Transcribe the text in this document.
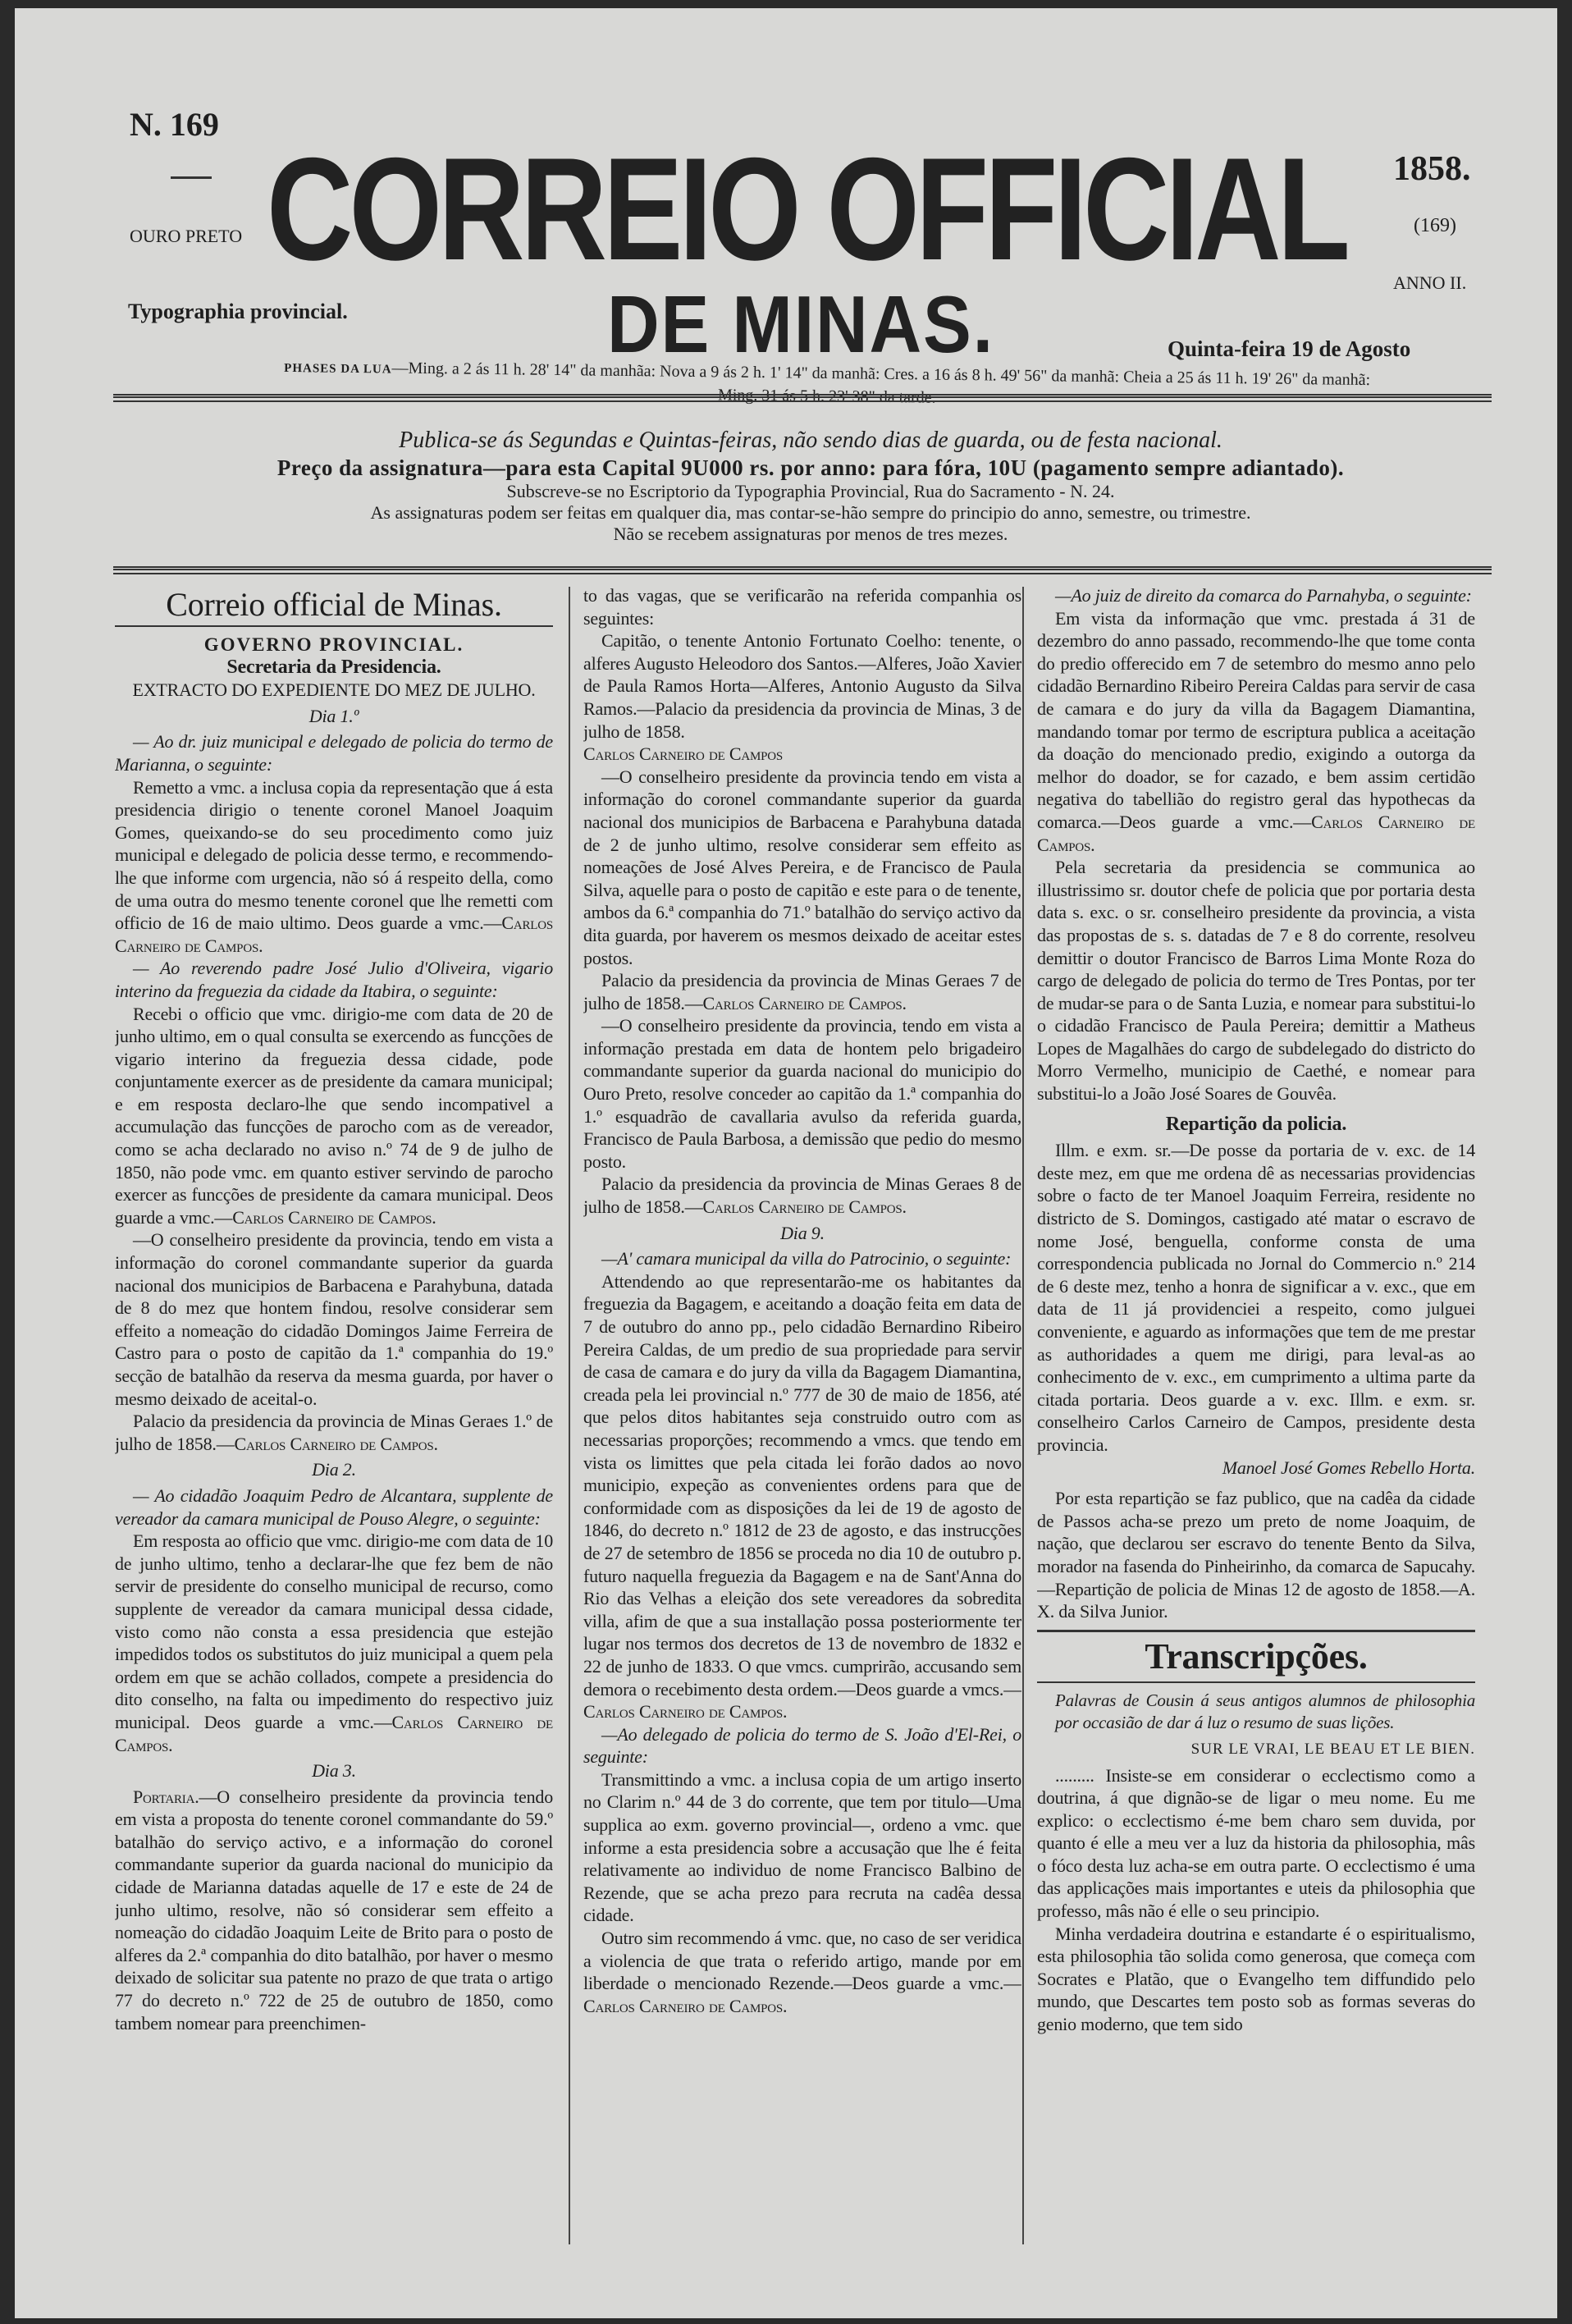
N. 169
OURO PRETO
Typographia provincial.
CORREIO OFFICIAL
DE MINAS.
1858.
(169)
ANNO II.
Quinta-feira 19 de Agosto
PHASES DA LUA—Ming. a 2 ás 11 h. 28' 14" da manhãa: Nova a 9 ás 2 h. 1' 14" da manhã: Cres. a 16 ás 8 h. 49' 56" da manhã: Cheia a 25 ás 11 h. 19' 26" da manhã:
Ming. 31 ás 5 h. 23' 38" da tarde.
Publica-se ás Segundas e Quintas-feiras, não sendo dias de guarda, ou de festa nacional.
Preço da assignatura—para esta Capital 9U000 rs. por anno: para fóra, 10U (pagamento sempre adiantado).
Subscreve-se no Escriptorio da Typographia Provincial, Rua do Sacramento - N. 24.
As assignaturas podem ser feitas em qualquer dia, mas contar-se-hão sempre do principio do anno, semestre, ou trimestre.
Não se recebem assignaturas por menos de tres mezes.
Correio official de Minas.
GOVERNO PROVINCIAL.
Secretaria da Presidencia.
EXTRACTO DO EXPEDIENTE DO MEZ DE JULHO.

Dia 1.º

— Ao dr. juiz municipal e delegado de policia do termo de Marianna, o seguinte:

Remetto a vmc. a inclusa copia da representação que á esta presidencia dirigio o tenente coronel Manoel Joaquim Gomes, queixando-se do seu procedimento como juiz municipal e delegado de policia desse termo, e recommendo-lhe que informe com urgencia, não só á respeito della, como de uma outra do mesmo tenente coronel que lhe remetti com officio de 16 de maio ultimo. Deos guarde a vmc.—Carlos Carneiro de Campos.

— Ao reverendo padre José Julio d'Oliveira, vigario interino da freguezia da cidade da Itabira, o seguinte:

Recebi o officio que vmc. dirigio-me com data de 20 de junho ultimo, em o qual consulta se exercendo as funcções de vigario interino da freguezia dessa cidade, pode conjuntamente exercer as de presidente da camara municipal; e em resposta declaro-lhe que sendo incompativel a accumulação das funcções de parocho com as de vereador, como se acha declarado no aviso n.º 74 de 9 de julho de 1850, não pode vmc. em quanto estiver servindo de parocho exercer as funcções de presidente da camara municipal. Deos guarde a vmc.—Carlos Carneiro de Campos.

—O conselheiro presidente da provincia, tendo em vista a informação do coronel commandante superior da guarda nacional dos municipios de Barbacena e Parahybuna, datada de 8 do mez que hontem findou, resolve considerar sem effeito a nomeação do cidadão Domingos Jaime Ferreira de Castro para o posto de capitão da 1.ª companhia do 19.º secção de batalhão da reserva da mesma guarda, por haver o mesmo deixado de aceital-o.

Palacio da presidencia da provincia de Minas Geraes 1.º de julho de 1858.—Carlos Carneiro de Campos.

Dia 2.

— Ao cidadão Joaquim Pedro de Alcantara, supplente de vereador da camara municipal de Pouso Alegre, o seguinte:

Em resposta ao officio que vmc. dirigio-me com data de 10 de junho ultimo, tenho a declarar-lhe que fez bem de não servir de presidente do conselho municipal de recurso, como supplente de vereador da camara municipal dessa cidade, visto como não consta a essa presidencia que estejão impedidos todos os substitutos do juiz municipal a quem pela ordem em que se achão collados, compete a presidencia do dito conselho, na falta ou impedimento do respectivo juiz municipal. Deos guarde a vmc.—Carlos Carneiro de Campos.

Dia 3.

Portaria.—O conselheiro presidente da provincia tendo em vista a proposta do tenente coronel commandante do 59.º batalhão do serviço activo, e a informação do coronel commandante superior da guarda nacional do municipio da cidade de Marianna datadas aquelle de 17 e este de 24 de junho ultimo, resolve, não só considerar sem effeito a nomeação do cidadão Joaquim Leite de Brito para o posto de alferes da 2.ª companhia do dito batalhão, por haver o mesmo deixado de solicitar sua patente no prazo de que trata o artigo 77 do decreto n.º 722 de 25 de outubro de 1850, como tambem nomear para preenchimen-

to das vagas, que se verificarão na referida companhia os seguintes:

Capitão, o tenente Antonio Fortunato Coelho: tenente, o alferes Augusto Heleodoro dos Santos.—Alferes, João Xavier de Paula Ramos Horta—Alferes, Antonio Augusto da Silva Ramos.—Palacio da presidencia da provincia de Minas, 3 de julho de 1858.

Carlos Carneiro de Campos

—O conselheiro presidente da provincia tendo em vista a informação do coronel commandante superior da guarda nacional dos municipios de Barbacena e Parahybuna datada de 2 de junho ultimo, resolve considerar sem effeito as nomeações de José Alves Pereira, e de Francisco de Paula Silva, aquelle para o posto de capitão e este para o de tenente, ambos da 6.ª companhia do 71.º batalhão do serviço activo da dita guarda, por haverem os mesmos deixado de aceitar estes postos.

Palacio da presidencia da provincia de Minas Geraes 7 de julho de 1858.—Carlos Carneiro de Campos.

—O conselheiro presidente da provincia, tendo em vista a informação prestada em data de hontem pelo brigadeiro commandante superior da guarda nacional do municipio do Ouro Preto, resolve conceder ao capitão da 1.ª companhia do 1.º esquadrão de cavallaria avulso da referida guarda, Francisco de Paula Barbosa, a demissão que pedio do mesmo posto.

Palacio da presidencia da provincia de Minas Geraes 8 de julho de 1858.—Carlos Carneiro de Campos.

Dia 9.

—A' camara municipal da villa do Patrocinio, o seguinte:

Attendendo ao que representarão-me os habitantes da freguezia da Bagagem, e aceitando a doação feita em data de 7 de outubro do anno pp., pelo cidadão Bernardino Ribeiro Pereira Caldas, de um predio de sua propriedade para servir de casa de camara e do jury da villa da Bagagem Diamantina, creada pela lei provincial n.º 777 de 30 de maio de 1856, até que pelos ditos habitantes seja construido outro com as necessarias proporções; recommendo a vmcs. que tendo em vista os limittes que pela citada lei forão dados ao novo municipio, expeção as convenientes ordens para que de conformidade com as disposições da lei de 19 de agosto de 1846, do decreto n.º 1812 de 23 de agosto, e das instrucções de 27 de setembro de 1856 se proceda no dia 10 de outubro p. futuro naquella freguezia da Bagagem e na de Sant'Anna do Rio das Velhas a eleição dos sete vereadores da sobredita villa, afim de que a sua installação possa posteriormente ter lugar nos termos dos decretos de 13 de novembro de 1832 e 22 de junho de 1833. O que vmcs. cumprirão, accusando sem demora o recebimento desta ordem.—Deos guarde a vmcs.—Carlos Carneiro de Campos.

—Ao delegado de policia do termo de S. João d'El-Rei, o seguinte:

Transmittindo a vmc. a inclusa copia de um artigo inserto no Clarim n.º 44 de 3 do corrente, que tem por titulo—Uma supplica ao exm. governo provincial—, ordeno a vmc. que informe a esta presidencia sobre a accusação que lhe é feita relativamente ao individuo de nome Francisco Balbino de Rezende, que se acha prezo para recruta na cadêa dessa cidade.

Outro sim recommendo á vmc. que, no caso de ser veridica a violencia de que trata o referido artigo, mande por em liberdade o mencionado Rezende.—Deos guarde a vmc.—Carlos Carneiro de Campos.

—Ao juiz de direito da comarca do Parnahyba, o seguinte:

Em vista da informação que vmc. prestada á 31 de dezembro do anno passado, recommendo-lhe que tome conta do predio offerecido em 7 de setembro do mesmo anno pelo cidadão Bernardino Ribeiro Pereira Caldas para servir de casa de camara e do jury da villa da Bagagem Diamantina, mandando tomar por termo de escriptura publica a aceitação da doação do mencionado predio, exigindo a outorga da melhor do doador, se for cazado, e bem assim certidão negativa do tabellião do registro geral das hypothecas da comarca.—Deos guarde a vmc.—Carlos Carneiro de Campos.

Pela secretaria da presidencia se communica ao illustrissimo sr. doutor chefe de policia que por portaria desta data s. exc. o sr. conselheiro presidente da provincia, a vista das propostas de s. s. datadas de 7 e 8 do corrente, resolveu demittir o doutor Francisco de Barros Lima Monte Roza do cargo de delegado de policia do termo de Tres Pontas, por ter de mudar-se para o de Santa Luzia, e nomear para substitui-lo o cidadão Francisco de Paula Pereira; demittir a Matheus Lopes de Magalhães do cargo de subdelegado do districto do Morro Vermelho, municipio de Caethé, e nomear para substitui-lo a João José Soares de Gouvêa.

Repartição da policia.

Illm. e exm. sr.—De posse da portaria de v. exc. de 14 deste mez, em que me ordena dê as necessarias providencias sobre o facto de ter Manoel Joaquim Ferreira, residente no districto de S. Domingos, castigado até matar o escravo de nome José, benguella, conforme consta de uma correspondencia publicada no Jornal do Commercio n.º 214 de 6 deste mez, tenho a honra de significar a v. exc., que em data de 11 já providenciei a respeito, como julguei conveniente, e aguardo as informações que tem de me prestar as authoridades a quem me dirigi, para leval-as ao conhecimento de v. exc., em cumprimento a ultima parte da citada portaria. Deos guarde a v. exc. Illm. e exm. sr. conselheiro Carlos Carneiro de Campos, presidente desta provincia.

Manoel José Gomes Rebello Horta.

Por esta repartição se faz publico, que na cadêa da cidade de Passos acha-se prezo um preto de nome Joaquim, de nação, que declarou ser escravo do tenente Bento da Silva, morador na fasenda do Pinheirinho, da comarca de Sapucahy.—Repartição de policia de Minas 12 de agosto de 1858.—A. X. da Silva Junior.

Transcripções.

Palavras de Cousin á seus antigos alumnos de philosophia por occasião de dar á luz o resumo de suas lições.

SUR LE VRAI, LE BEAU ET LE BIEN.

......... Insiste-se em considerar o ecclectismo como a doutrina, á que dignão-se de ligar o meu nome. Eu me explico: o ecclectismo é-me bem charo sem duvida, por quanto é elle a meu ver a luz da historia da philosophia, mâs o fóco desta luz acha-se em outra parte. O ecclectismo é uma das applicações mais importantes e uteis da philosophia que professo, mâs não é elle o seu principio.

Minha verdadeira doutrina e estandarte é o espiritualismo, esta philosophia tão solida como generosa, que começa com Socrates e Platão, que o Evangelho tem diffundido pelo mundo, que Descartes tem posto sob as formas severas do genio moderno, que tem sido
